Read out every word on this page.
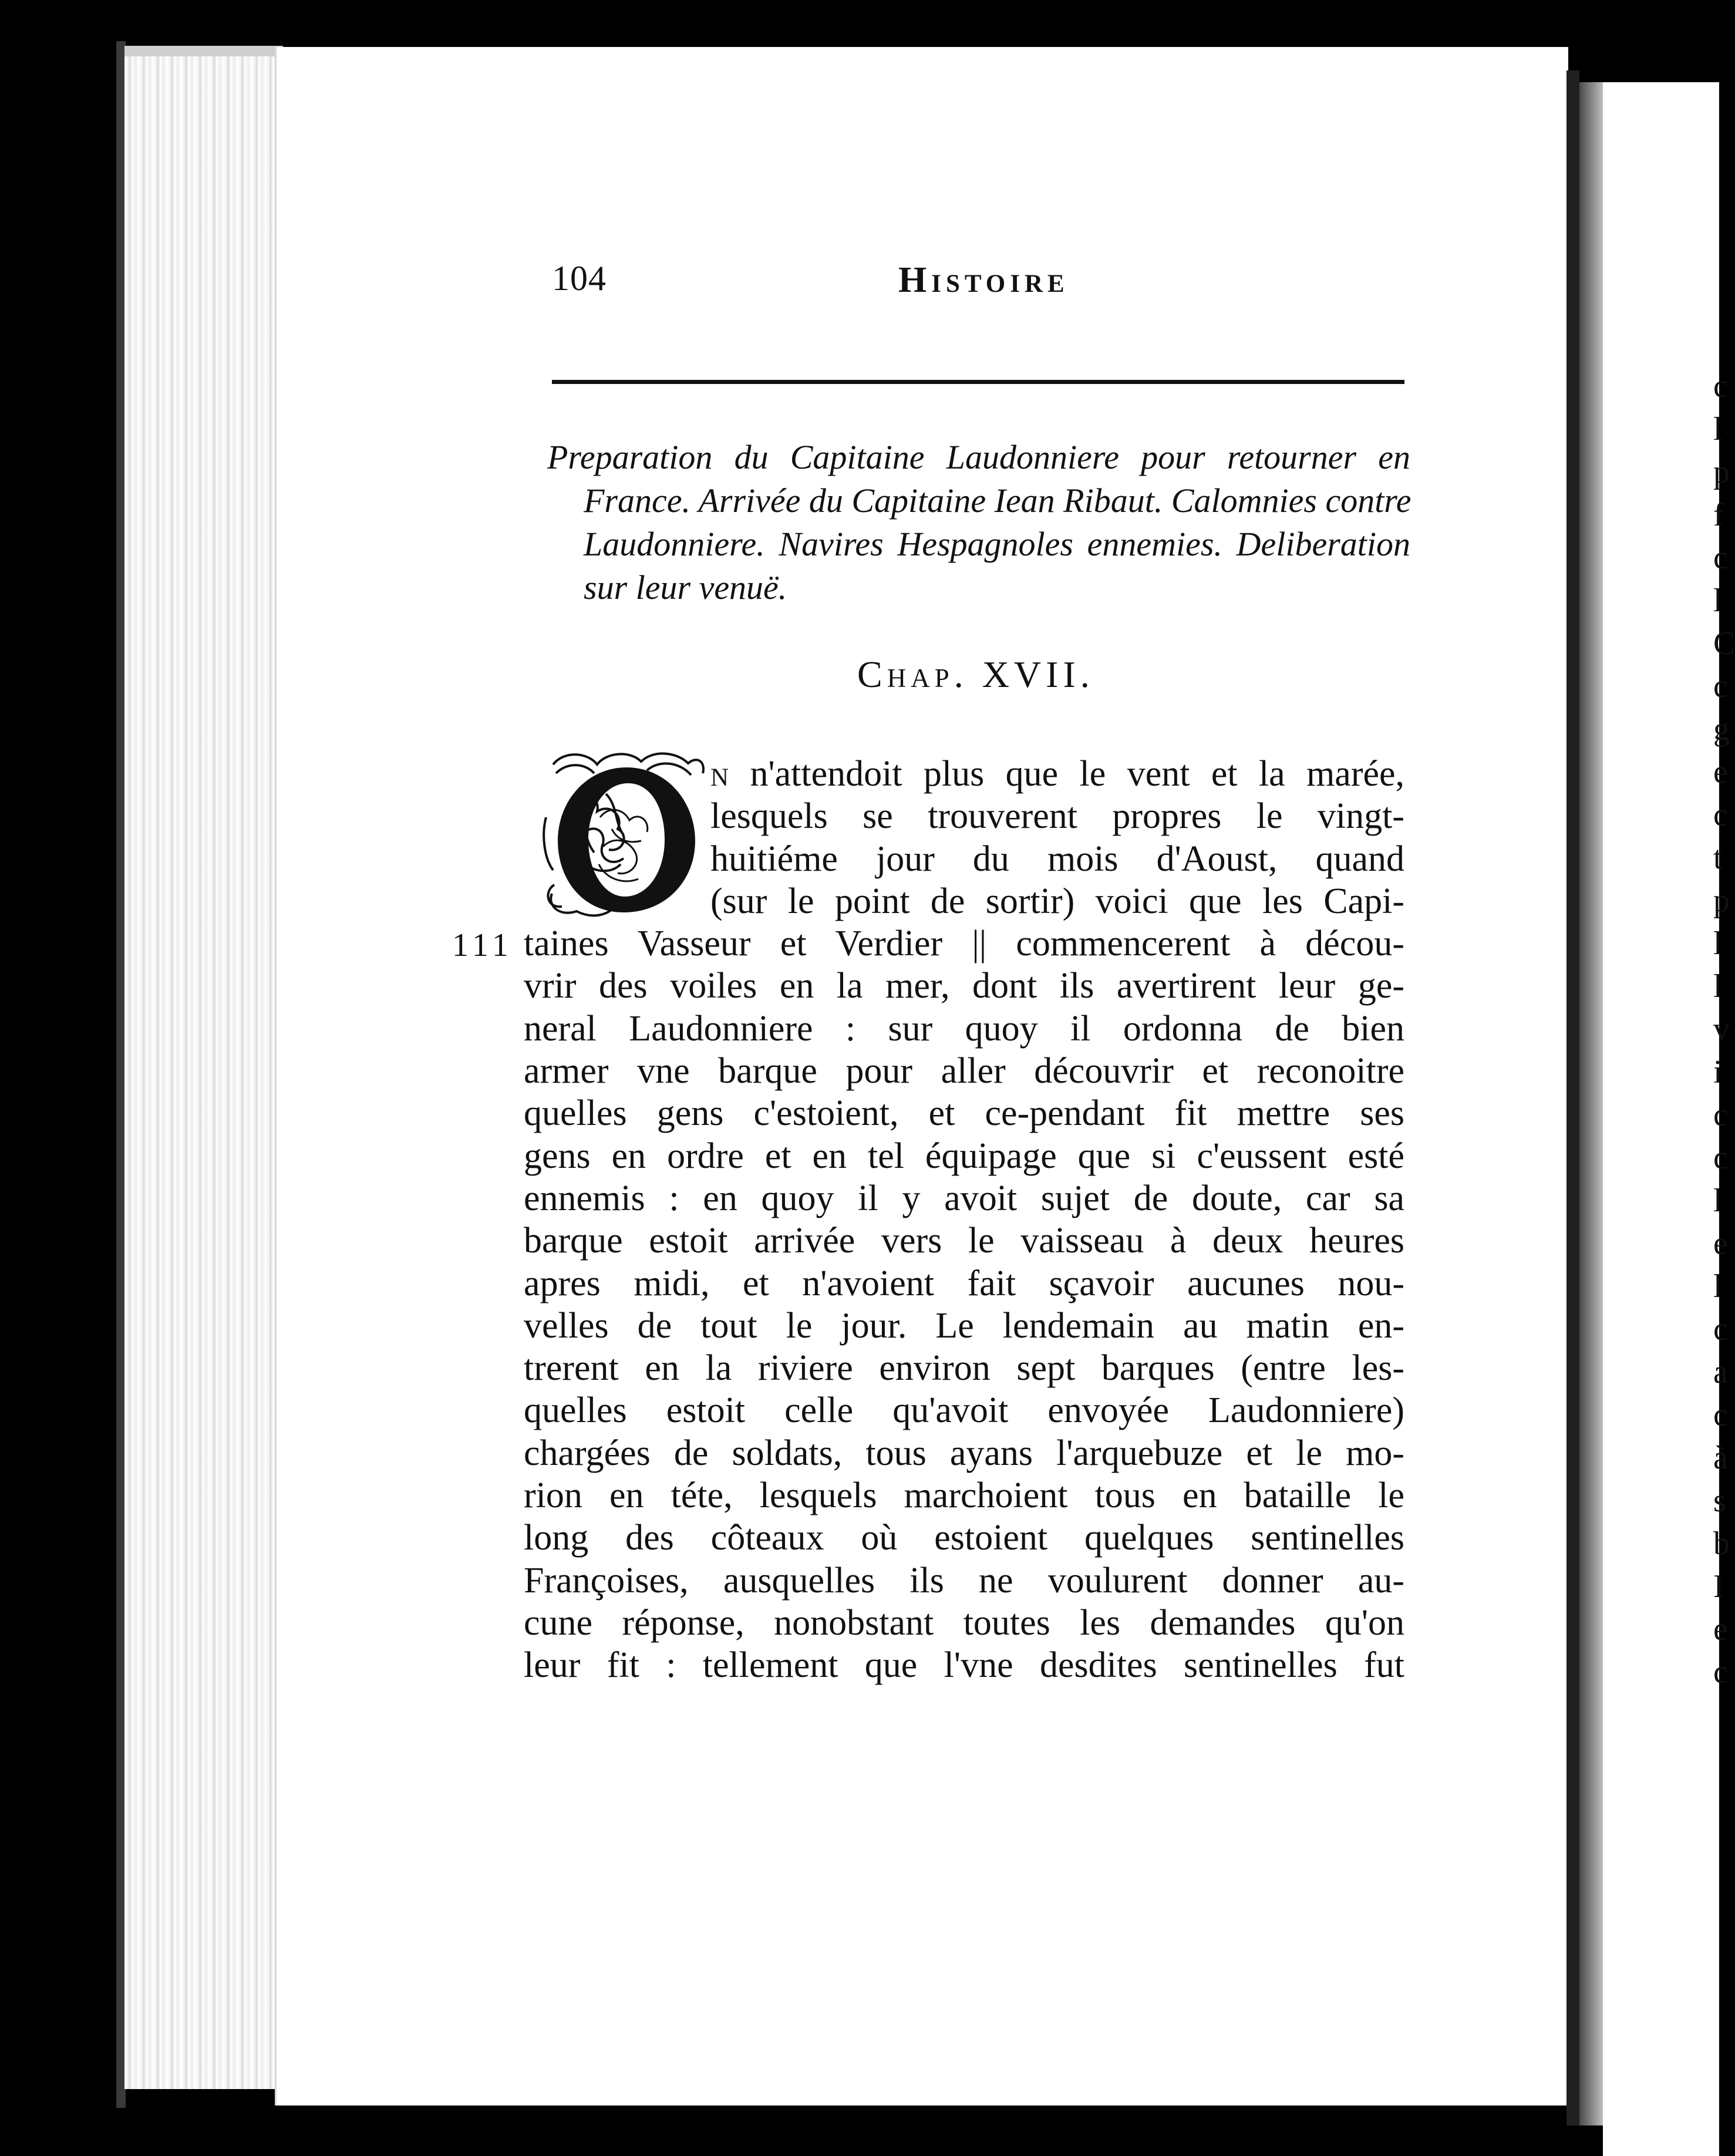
c
l
p
f
c
l
C
c
g
e
c
t
p
l
l
v
i
c
c
l
e
l
c
a
c
à
s
b
I
e
c
104	Histoire
Preparation du Capitaine Laudonniere pour retourner en
France. Arrivée du Capitaine Iean Ribaut. Calomnies contre
Laudonniere. Navires Hespagnoles ennemies. Deliberation
sur leur venuë.
Chap. XVII.
111
n n'attendoit plus que le vent et la marée,
lesquels se trouverent propres le vingt-
huitiéme jour du mois d'Aoust, quand
(sur le point de sortir) voici que les Capi-
taines Vasseur et Verdier || commencerent à décou-
vrir des voiles en la mer, dont ils avertirent leur ge-
neral Laudonniere : sur quoy il ordonna de bien
armer vne barque pour aller découvrir et reconoitre
quelles gens c'estoient, et ce-pendant fit mettre ses
gens en ordre et en tel équipage que si c'eussent esté
ennemis : en quoy il y avoit sujet de doute, car sa
barque estoit arrivée vers le vaisseau à deux heures
apres midi, et n'avoient fait sçavoir aucunes nou-
velles de tout le jour. Le lendemain au matin en-
trerent en la riviere environ sept barques (entre les-
quelles estoit celle qu'avoit envoyée Laudonniere)
chargées de soldats, tous ayans l'arquebuze et le mo-
rion en téte, lesquels marchoient tous en bataille le
long des côteaux où estoient quelques sentinelles
Françoises, ausquelles ils ne voulurent donner au-
cune réponse, nonobstant toutes les demandes qu'on
leur fit : tellement que l'vne desdites sentinelles fut
